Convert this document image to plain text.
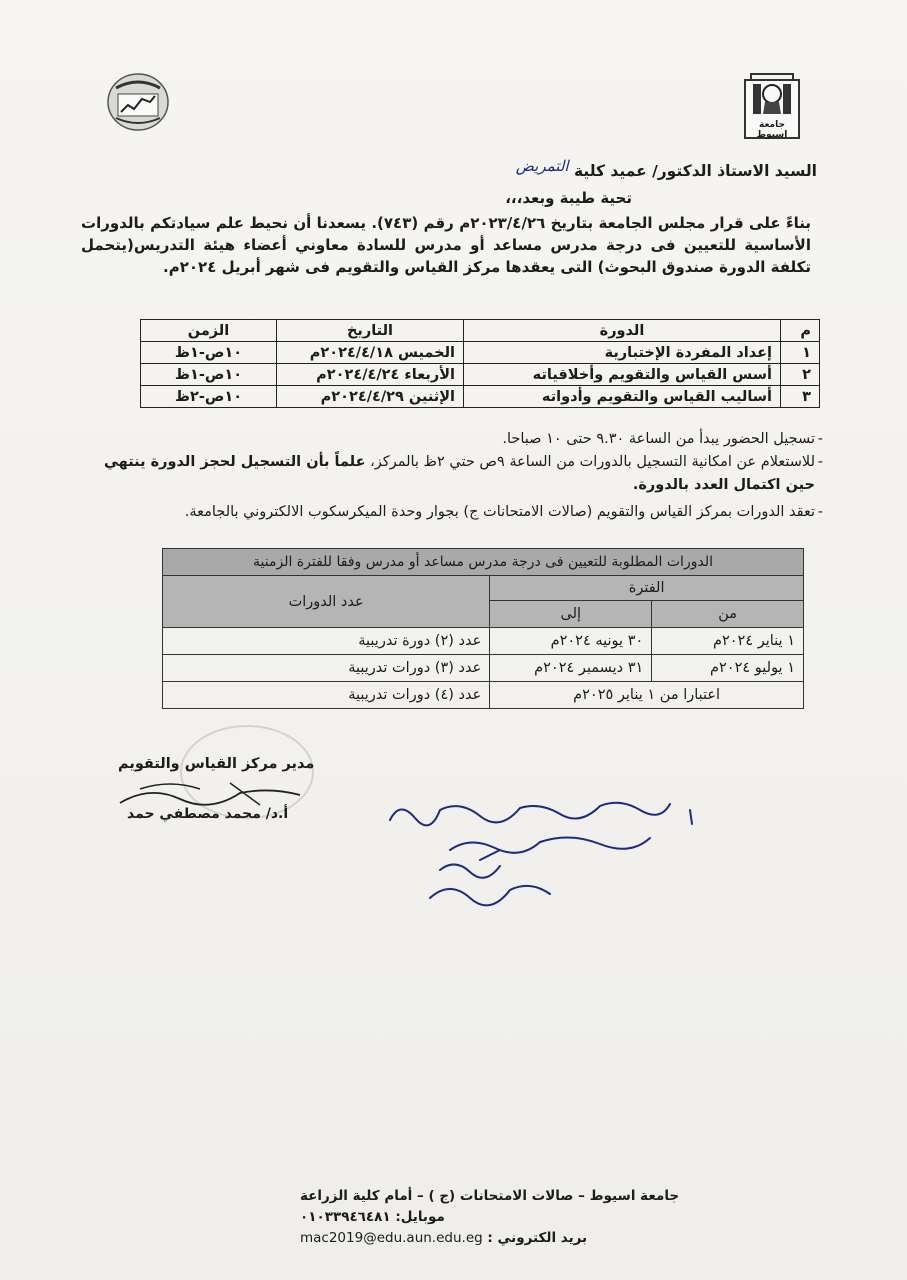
جامعة اسيوط
السيد الاستاذ الدكتور/ عميد كلية التمريض
تحية طيبة وبعد،،،
بناءً على قرار مجلس الجامعة بتاريخ ٢٠٢٣/٤/٢٦م رقم (٧٤٣). يسعدنا أن نحيط علم سيادتكم بالدورات الأساسية للتعيين فى درجة مدرس مساعد أو مدرس للسادة معاوني أعضاء هيئة التدريس(يتحمل تكلفة الدورة صندوق البحوث) التى يعقدها مركز القياس والتقويم فى شهر أبريل ٢٠٢٤م.
م	الدورة	التاريخ	الزمن
١	إعداد المفردة الإختبارية	الخميس ٢٠٢٤/٤/١٨م	١٠ص-١ظ
٢	أسس القياس والتقويم وأخلاقياته	الأربعاء ٢٠٢٤/٤/٢٤م	١٠ص-١ظ
٣	أساليب القياس والتقويم وأدواته	الإثنين ٢٠٢٤/٤/٢٩م	١٠ص-٢ظ
-
تسجيل الحضور يبدأ من الساعة ٩.٣٠ حتى ١٠ صباحا.
-
للاستعلام عن امكانية التسجيل بالدورات من الساعة ٩ص حتي ٢ظ بالمركز، علماً بأن التسجيل لحجز الدورة ينتهي حين اكتمال العدد بالدورة.
-
تعقد الدورات بمركز القياس والتقويم (صالات الامتحانات ج) بجوار وحدة الميكرسكوب الالكتروني بالجامعة.
الدورات المطلوبة للتعيين فى درجة مدرس مساعد أو مدرس وفقا للفترة الزمنية		
الفترة		عدد الدورات
من	إلى	
١ يناير ٢٠٢٤م	٣٠ يونيه ٢٠٢٤م	عدد (٢) دورة تدريبية
١ يوليو ٢٠٢٤م	٣١ ديسمبر ٢٠٢٤م	عدد (٣) دورات تدريبية
اعتبارا من ١ يناير ٢٠٢٥م		عدد (٤) دورات تدريبية
مدير مركز القياس والتقويم
أ.د/ محمد مصطفي حمد
جامعة اسيوط – صالات الامتحانات (ج ) – أمام كلية الزراعة
موبايل: ٠١٠٣٣٩٤٦٤٨١
بريد الكتروني : mac2019@edu.aun.edu.eg
